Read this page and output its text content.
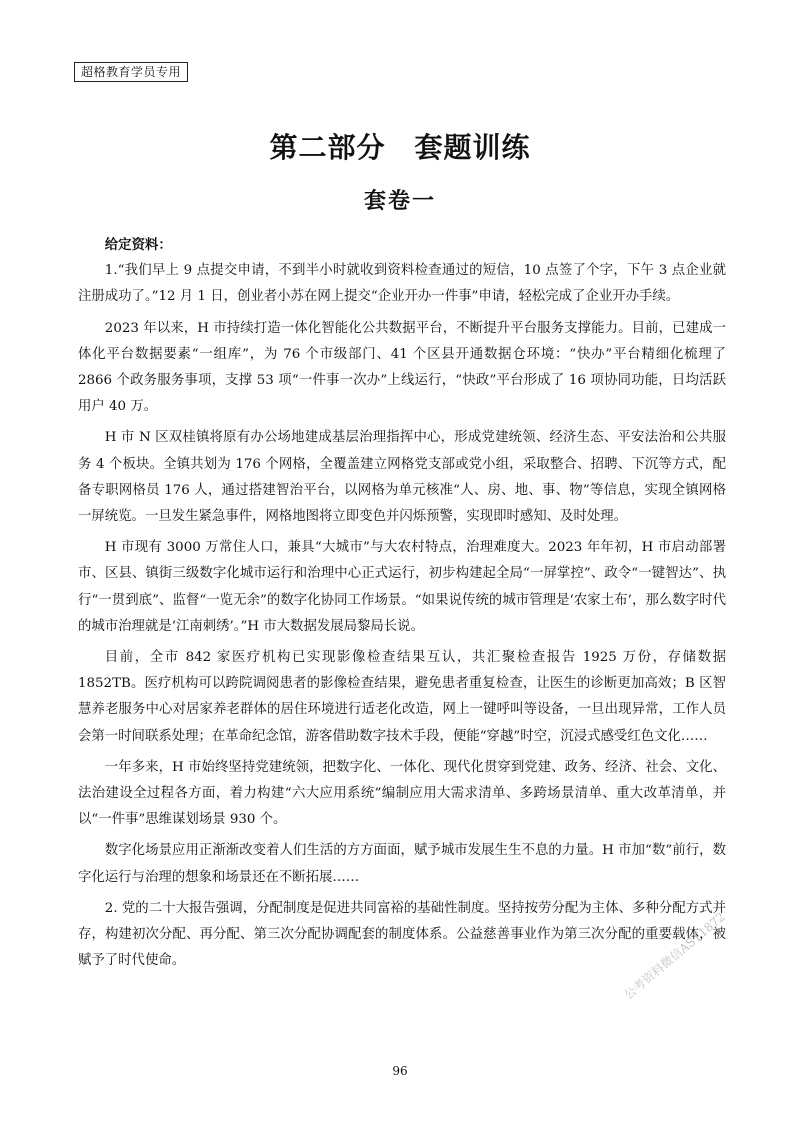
超格教育学员专用
第二部分　套题训练
套卷一

给定资料：

1.“我们早上 9 点提交申请，不到半小时就收到资料检查通过的短信，10 点签了个字，下午 3 点企业就注册成功了。”12 月 1 日，创业者小苏在网上提交“企业开办一件事”申请，轻松完成了企业开办手续。

2023 年以来，H 市持续打造一体化智能化公共数据平台，不断提升平台服务支撑能力。目前，已建成一体化平台数据要素“一组库”，为 76 个市级部门、41 个区县开通数据仓环境：“快办”平台精细化梳理了 2866 个政务服务事项，支撑 53 项“一件事一次办”上线运行，“快政”平台形成了 16 项协同功能，日均活跃用户 40 万。

H 市 N 区双桂镇将原有办公场地建成基层治理指挥中心，形成党建统领、经济生态、平安法治和公共服务 4 个板块。全镇共划为 176 个网格，全覆盖建立网格党支部或党小组，采取整合、招聘、下沉等方式，配备专职网格员 176 人，通过搭建智治平台，以网格为单元核准“人、房、地、事、物”等信息，实现全镇网格一屏统览。一旦发生紧急事件，网格地图将立即变色并闪烁预警，实现即时感知、及时处理。

H 市现有 3000 万常住人口，兼具“大城市”与大农村特点，治理难度大。2023 年年初，H 市启动部署市、区县、镇街三级数字化城市运行和治理中心正式运行，初步构建起全局“一屏掌控”、政令“一键智达”、执行“一贯到底”、监督“一览无余”的数字化协同工作场景。“如果说传统的城市管理是‘农家土布’，那么数字时代的城市治理就是‘江南刺绣’。”H 市大数据发展局黎局长说。

目前，全市 842 家医疗机构已实现影像检查结果互认，共汇聚检查报告 1925 万份，存储数据 1852TB。医疗机构可以跨院调阅患者的影像检查结果，避免患者重复检查，让医生的诊断更加高效；B 区智慧养老服务中心对居家养老群体的居住环境进行适老化改造，网上一键呼叫等设备，一旦出现异常，工作人员会第一时间联系处理；在革命纪念馆，游客借助数字技术手段，便能“穿越”时空，沉浸式感受红色文化……

一年多来，H 市始终坚持党建统领，把数字化、一体化、现代化贯穿到党建、政务、经济、社会、文化、法治建设全过程各方面，着力构建“六大应用系统”编制应用大需求清单、多跨场景清单、重大改革清单，并以“一件事”思维谋划场景 930 个。

数字化场景应用正渐渐改变着人们生活的方方面面，赋予城市发展生生不息的力量。H 市加“数”前行，数字化运行与治理的想象和场景还在不断拓展……

2. 党的二十大报告强调，分配制度是促进共同富裕的基础性制度。坚持按劳分配为主体、多种分配方式并存，构建初次分配、再分配、第三次分配协调配套的制度体系。公益慈善事业作为第三次分配的重要载体，被赋予了时代使命。	公考资料微信AST1872
96
